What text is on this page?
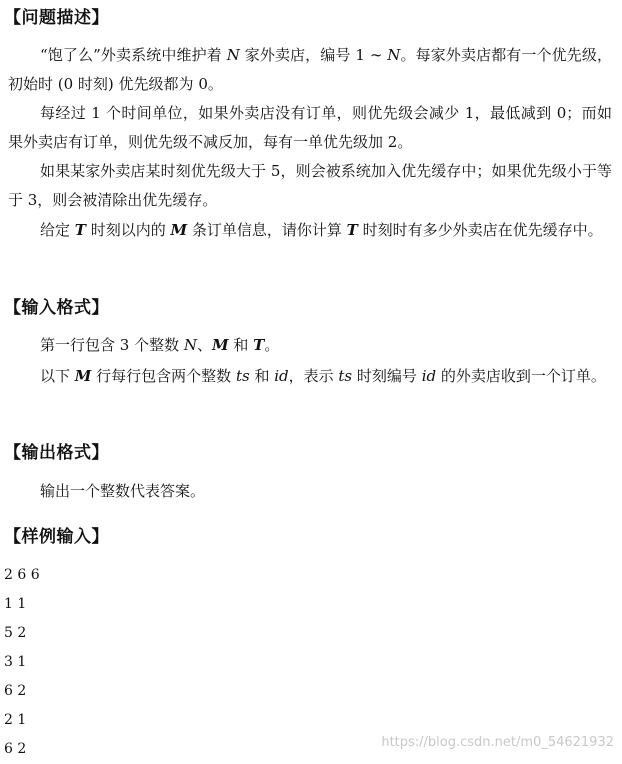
【问题描述】

“饱了么”外卖系统中维护着 N 家外卖店，编号 1 ∼ N。每家外卖店都有一个优先级，初始时 (0 时刻) 优先级都为 0。

每经过 1 个时间单位，如果外卖店没有订单，则优先级会减少 1，最低减到 0；而如果外卖店有订单，则优先级不减反加，每有一单优先级加 2。

如果某家外卖店某时刻优先级大于 5，则会被系统加入优先缓存中；如果优先级小于等于 3，则会被清除出优先缓存。

给定 T 时刻以内的 M 条订单信息，请你计算 T 时刻时有多少外卖店在优先缓存中。

【输入格式】

第一行包含 3 个整数 N、M 和 T。

以下 M 行每行包含两个整数 ts 和 id，表示 ts 时刻编号 id 的外卖店收到一个订单。

【输出格式】

输出一个整数代表答案。

【样例输入】
2 6 6
1 1
5 2
3 1
6 2
2 1
6 2	https://blog.csdn.net/m0_54621932
